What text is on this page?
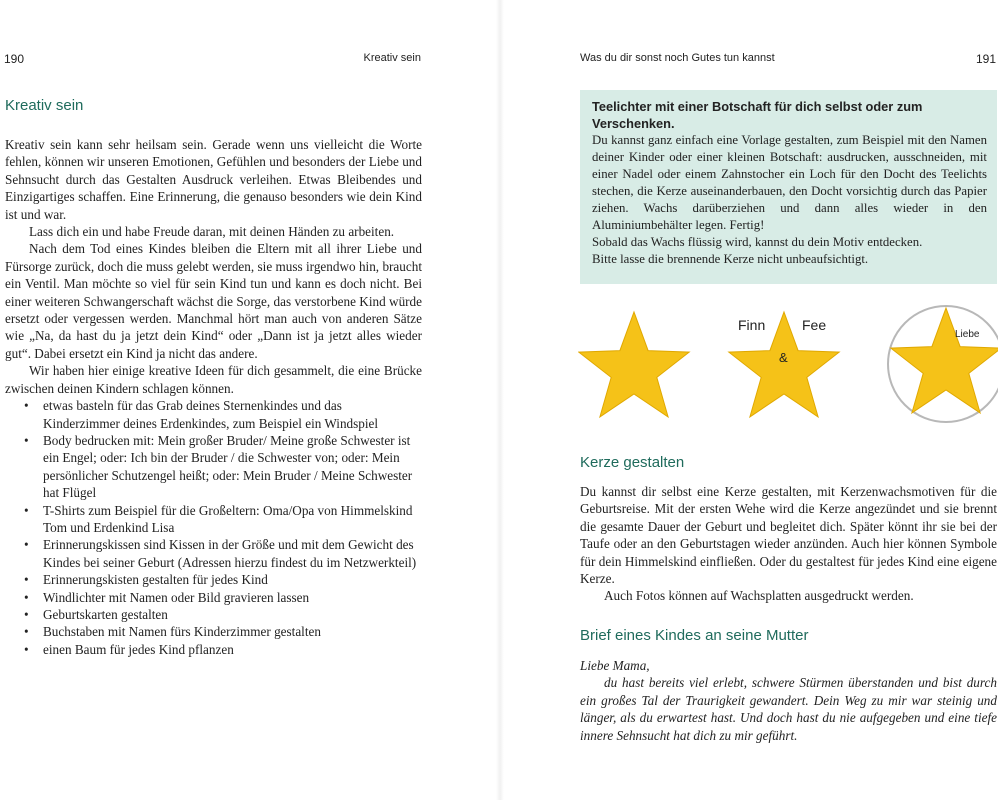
190	Kreativ sein
Kreativ sein

Kreativ sein kann sehr heilsam sein. Gerade wenn uns vielleicht die Worte fehlen, können wir unseren Emotionen, Gefühlen und besonders der Liebe und Sehnsucht durch das Gestalten Ausdruck verleihen. Etwas Bleibendes und Einzigartiges schaffen. Eine Erinnerung, die genauso besonders wie dein Kind ist und war.

Lass dich ein und habe Freude daran, mit deinen Händen zu arbeiten.

Nach dem Tod eines Kindes bleiben die Eltern mit all ihrer Liebe und Fürsorge zurück, doch die muss gelebt werden, sie muss irgendwo hin, braucht ein Ventil. Man möchte so viel für sein Kind tun und kann es doch nicht. Bei einer weiteren Schwangerschaft wächst die Sorge, das verstorbene Kind würde ersetzt oder vergessen werden. Manchmal hört man auch von anderen Sätze wie „Na, da hast du ja jetzt dein Kind“ oder „Dann ist ja jetzt alles wieder gut“. Dabei ersetzt ein Kind ja nicht das andere.

Wir haben hier einige kreative Ideen für dich gesammelt, die eine Brücke zwischen deinen Kindern schlagen können.

• etwas basteln für das Grab deines Sternenkindes und das Kinderzimmer deines Erdenkindes, zum Beispiel ein Windspiel
• Body bedrucken mit: Mein großer Bruder/ Meine große Schwester ist ein Engel; oder: Ich bin der Bruder / die Schwester von; oder: Mein persönlicher Schutzengel heißt; oder: Mein Bruder / Meine Schwester hat Flügel
• T-Shirts zum Beispiel für die Großeltern: Oma/Opa von Himmelskind Tom und Erdenkind Lisa
• Erinnerungskissen sind Kissen in der Größe und mit dem Gewicht des Kindes bei seiner Geburt (Adressen hierzu findest du im Netzwerkteil)
• Erinnerungskisten gestalten für jedes Kind
• Windlichter mit Namen oder Bild gravieren lassen
• Geburtskarten gestalten
• Buchstaben mit Namen fürs Kinderzimmer gestalten
• einen Baum für jedes Kind pflanzen
Was du dir sonst noch Gutes tun kannst	191
Teelichter mit einer Botschaft für dich selbst oder zum Verschenken.

Du kannst ganz einfach eine Vorlage gestalten, zum Beispiel mit den Namen deiner Kinder oder einer kleinen Botschaft: ausdrucken, ausschneiden, mit einer Nadel oder einem Zahnstocher ein Loch für den Docht des Teelichts stechen, die Kerze auseinanderbauen, den Docht vorsichtig durch das Papier ziehen. Wachs darüberziehen und dann alles wieder in den Aluminiumbehälter legen. Fertig!

Sobald das Wachs flüssig wird, kannst du dein Motiv entdecken.

Bitte lasse die brennende Kerze nicht unbeaufsichtigt.

Finn	Fee
&
Liebe
Kerze gestalten

Du kannst dir selbst eine Kerze gestalten, mit Kerzenwachsmotiven für die Geburtsreise. Mit der ersten Wehe wird die Kerze angezündet und sie brennt die gesamte Dauer der Geburt und begleitet dich. Später könnt ihr sie bei der Taufe oder an den Geburtstagen wieder anzünden. Auch hier können Symbole für dein Himmelskind einfließen. Oder du gestaltest für jedes Kind eine eigene Kerze.

Auch Fotos können auf Wachsplatten ausgedruckt werden.

Brief eines Kindes an seine Mutter

Liebe Mama,

du hast bereits viel erlebt, schwere Stürmen überstanden und bist durch ein großes Tal der Traurigkeit gewandert. Dein Weg zu mir war steinig und länger, als du erwartest hast. Und doch hast du nie aufgegeben und eine tiefe innere Sehnsucht hat dich zu mir geführt.
